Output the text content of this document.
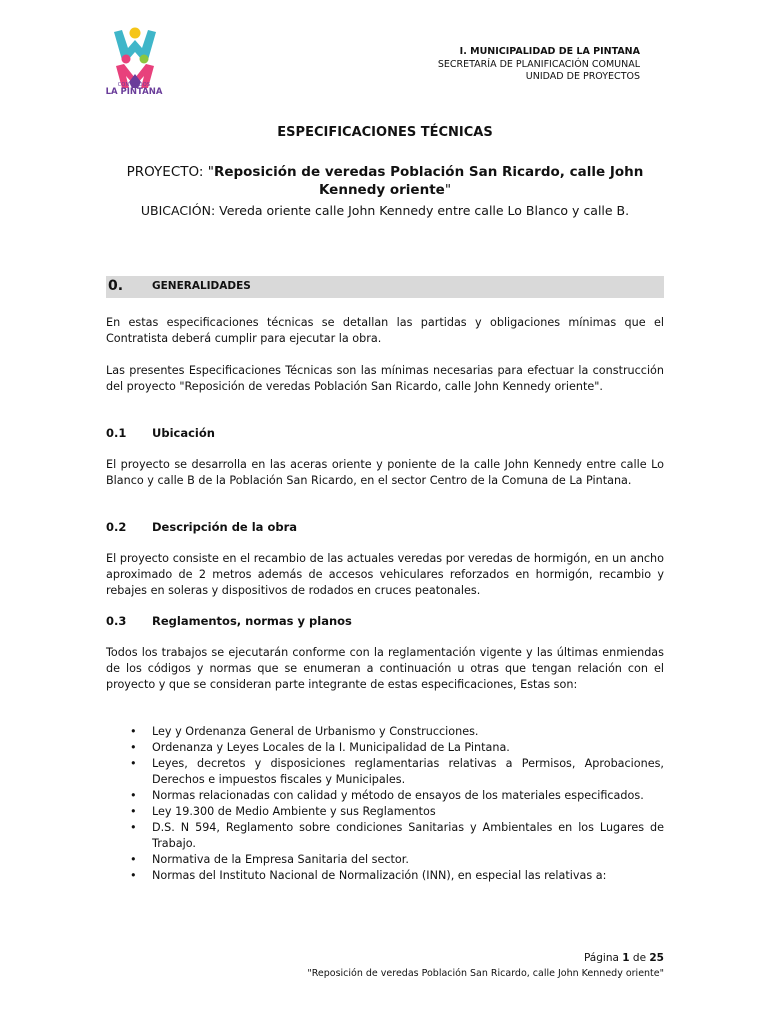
CON TODOS
LA PINTANA
I. MUNICIPALIDAD DE LA PINTANA
SECRETARÍA DE PLANIFICACIÓN COMUNAL
UNIDAD DE PROYECTOS
ESPECIFICACIONES TÉCNICAS
PROYECTO: "Reposición de veredas Población San Ricardo, calle John Kennedy oriente"
UBICACIÓN: Vereda oriente calle John Kennedy entre calle Lo Blanco y calle B.
0.	GENERALIDADES

En estas especificaciones técnicas se detallan las partidas y obligaciones mínimas que el Contratista deberá cumplir para ejecutar la obra.

Las presentes Especificaciones Técnicas son las mínimas necesarias para efectuar la construcción del proyecto "Reposición de veredas Población San Ricardo, calle John Kennedy oriente".

0.1 Ubicación

El proyecto se desarrolla en las aceras oriente y poniente de la calle John Kennedy entre calle Lo Blanco y calle B de la Población San Ricardo, en el sector Centro de la Comuna de La Pintana.

0.2 Descripción de la obra

El proyecto consiste en el recambio de las actuales veredas por veredas de hormigón, en un ancho aproximado de 2 metros además de accesos vehiculares reforzados en hormigón, recambio y rebajes en soleras y dispositivos de rodados en cruces peatonales.

0.3 Reglamentos, normas y planos

Todos los trabajos se ejecutarán conforme con la reglamentación vigente y las últimas enmiendas de los códigos y normas que se enumeran a continuación u otras que tengan relación con el proyecto y que se consideran parte integrante de estas especificaciones, Estas son:

• Ley y Ordenanza General de Urbanismo y Construcciones.
• Ordenanza y Leyes Locales de la I. Municipalidad de La Pintana.
• Leyes, decretos y disposiciones reglamentarias relativas a Permisos, Aprobaciones, Derechos e impuestos fiscales y Municipales.
• Normas relacionadas con calidad y método de ensayos de los materiales especificados.
• Ley 19.300 de Medio Ambiente y sus Reglamentos
• D.S. N 594, Reglamento sobre condiciones Sanitarias y Ambientales en los Lugares de Trabajo.
• Normativa de la Empresa Sanitaria del sector.
• Normas del Instituto Nacional de Normalización (INN), en especial las relativas a:
Página 1 de 25
"Reposición de veredas Población San Ricardo, calle John Kennedy oriente"
